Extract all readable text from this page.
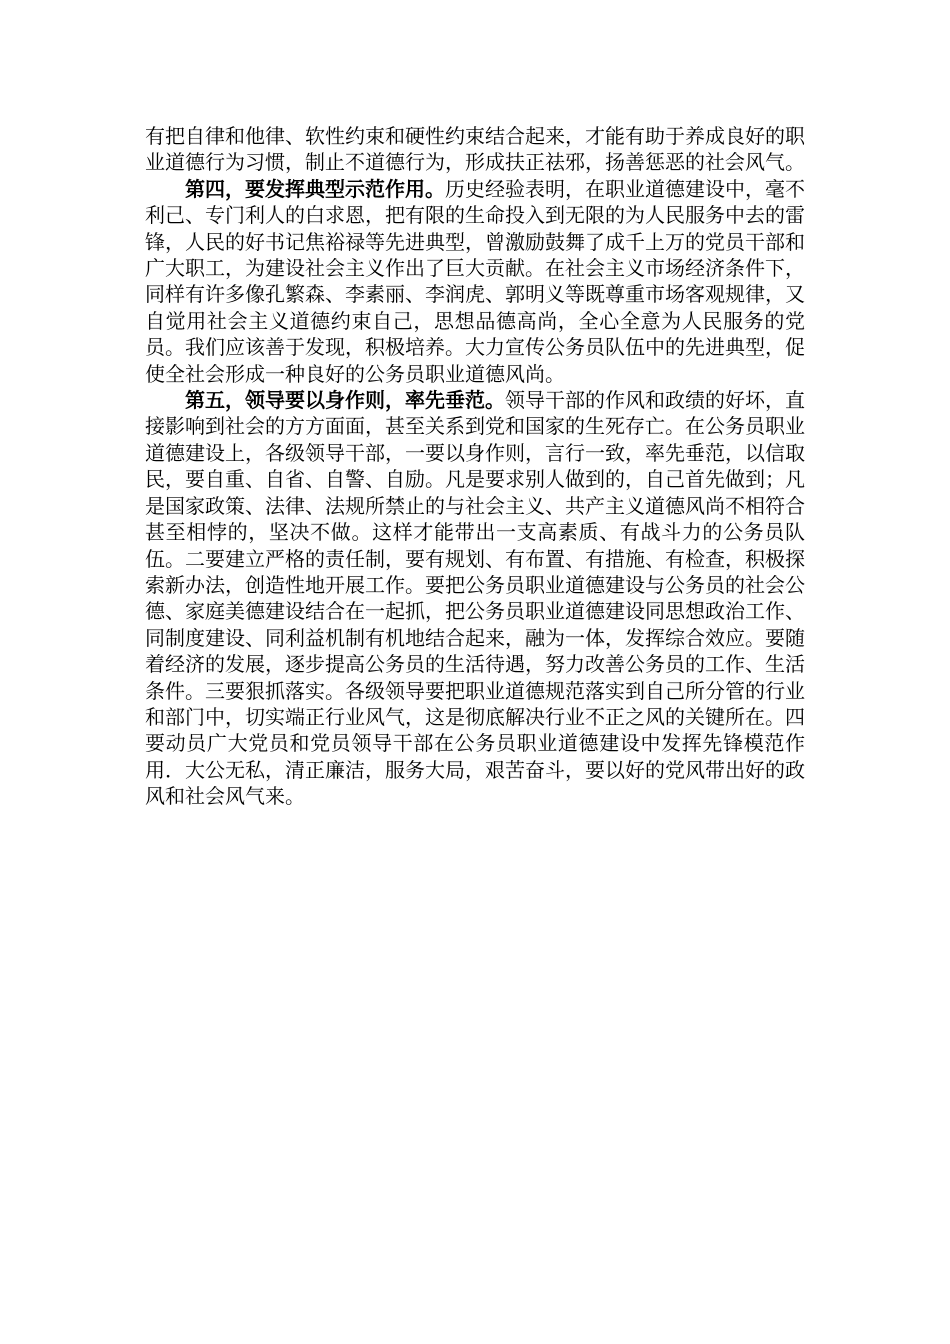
有把自律和他律、软性约束和硬性约束结合起来，才能有助于养成良好的职业道德行为习惯，制止不道德行为，形成扶正祛邪，扬善惩恶的社会风气。

第四，要发挥典型示范作用。历史经验表明，在职业道德建设中，毫不利己、专门利人的白求恩，把有限的生命投入到无限的为人民服务中去的雷锋，人民的好书记焦裕禄等先进典型，曾激励鼓舞了成千上万的党员干部和广大职工，为建设社会主义作出了巨大贡献。在社会主义市场经济条件下，同样有许多像孔繁森、李素丽、李润虎、郭明义等既尊重市场客观规律，又自觉用社会主义道德约束自己，思想品德高尚，全心全意为人民服务的党员。我们应该善于发现，积极培养。大力宣传公务员队伍中的先进典型，促使全社会形成一种良好的公务员职业道德风尚。

第五，领导要以身作则，率先垂范。领导干部的作风和政绩的好坏，直接影响到社会的方方面面，甚至关系到党和国家的生死存亡。在公务员职业道德建设上，各级领导干部，一要以身作则，言行一致，率先垂范，以信取民，要自重、自省、自警、自励。凡是要求别人做到的，自己首先做到；凡是国家政策、法律、法规所禁止的与社会主义、共产主义道德风尚不相符合甚至相悖的，坚决不做。这样才能带出一支高素质、有战斗力的公务员队伍。二要建立严格的责任制，要有规划、有布置、有措施、有检查，积极探索新办法，创造性地开展工作。要把公务员职业道德建设与公务员的社会公德、家庭美德建设结合在一起抓，把公务员职业道德建设同思想政治工作、同制度建设、同利益机制有机地结合起来，融为一体，发挥综合效应。要随着经济的发展，逐步提高公务员的生活待遇，努力改善公务员的工作、生活条件。三要狠抓落实。各级领导要把职业道德规范落实到自己所分管的行业和部门中，切实端正行业风气，这是彻底解决行业不正之风的关键所在。四要动员广大党员和党员领导干部在公务员职业道德建设中发挥先锋模范作用．大公无私，清正廉洁，服务大局，艰苦奋斗，要以好的党风带出好的政风和社会风气来。
